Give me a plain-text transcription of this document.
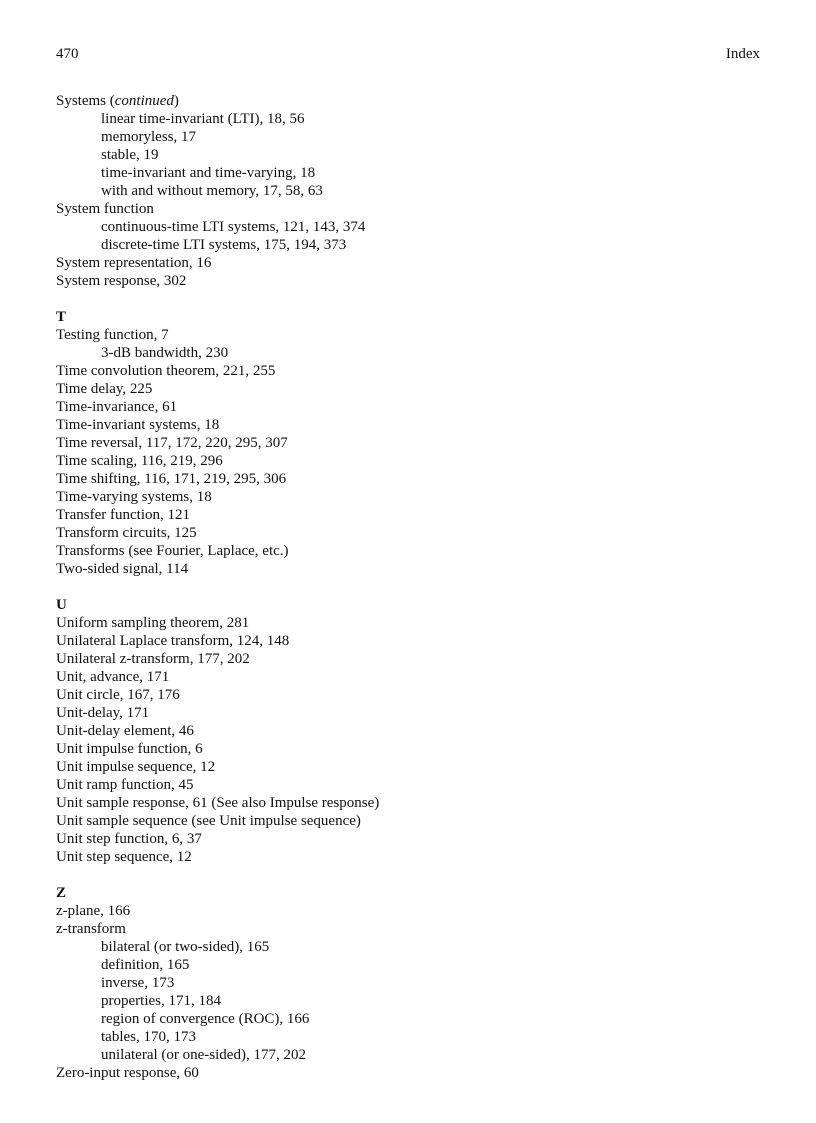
470	Index
Systems (continued)
linear time-invariant (LTI), 18, 56
memoryless, 17
stable, 19
time-invariant and time-varying, 18
with and without memory, 17, 58, 63
System function
continuous-time LTI systems, 121, 143, 374
discrete-time LTI systems, 175, 194, 373
System representation, 16
System response, 302
T
Testing function, 7
3-dB bandwidth, 230
Time convolution theorem, 221, 255
Time delay, 225
Time-invariance, 61
Time-invariant systems, 18
Time reversal, 117, 172, 220, 295, 307
Time scaling, 116, 219, 296
Time shifting, 116, 171, 219, 295, 306
Time-varying systems, 18
Transfer function, 121
Transform circuits, 125
Transforms (see Fourier, Laplace, etc.)
Two-sided signal, 114
U
Uniform sampling theorem, 281
Unilateral Laplace transform, 124, 148
Unilateral z-transform, 177, 202
Unit, advance, 171
Unit circle, 167, 176
Unit-delay, 171
Unit-delay element, 46
Unit impulse function, 6
Unit impulse sequence, 12
Unit ramp function, 45
Unit sample response, 61 (See also Impulse response)
Unit sample sequence (see Unit impulse sequence)
Unit step function, 6, 37
Unit step sequence, 12
Z
z-plane, 166
z-transform
bilateral (or two-sided), 165
definition, 165
inverse, 173
properties, 171, 184
region of convergence (ROC), 166
tables, 170, 173
unilateral (or one-sided), 177, 202
Zero-input response, 60
